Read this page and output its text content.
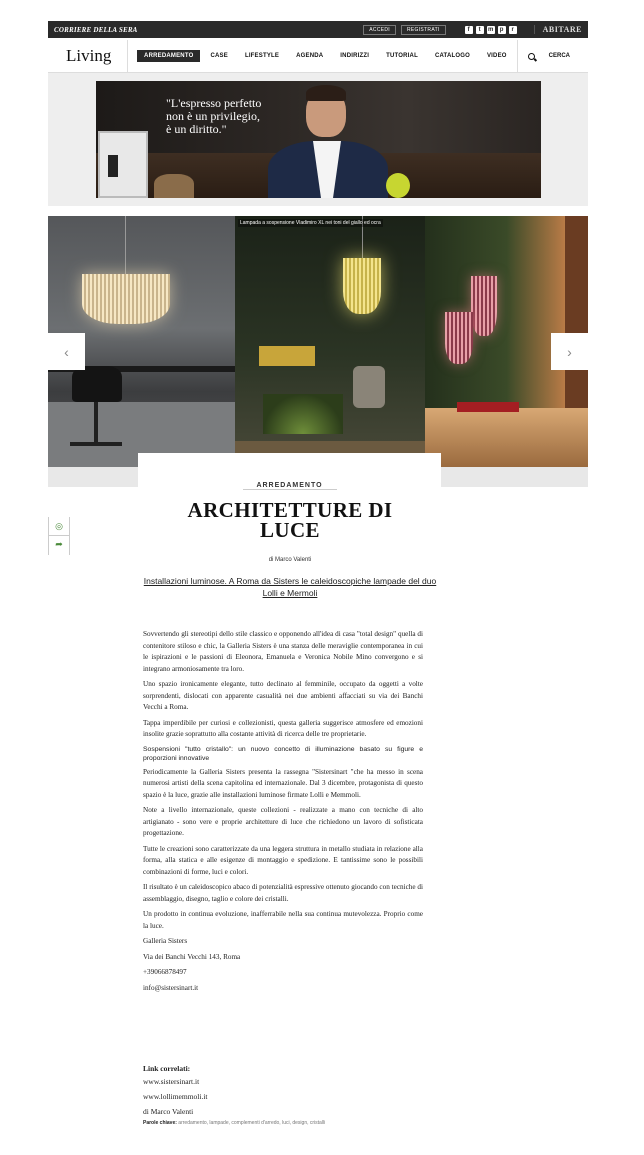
CORRIERE DELLA SERA	ACCEDI	REGISTRATI	f	t	m	p	r	ABITARE
Living	ARREDAMENTO	CASE	LIFESTYLE	AGENDA	INDIRIZZI	TUTORIAL	CATALOGO	VIDEO	CERCA
"L'espresso perfetto
non è un privilegio,
è un diritto."
Lampada a sospensione Vladimiro XL nei toni del giallo ed ocra
‹	›
ARREDAMENTO
◎
➦
ARCHITETTURE DI
LUCE
di Marco Valenti
Installazioni luminose. A Roma da Sisters le caleidoscopiche lampade del duo Lolli e Mermoli

Sovvertendo gli stereotipi dello stile classico e opponendo all'idea di casa "total design" quella di contenitore stiloso e chic, la Galleria Sisters è una stanza delle meraviglie contemporanea in cui le ispirazioni e le passioni di Eleonora, Emanuela e Veronica Nobile Mino convergono e si integrano armoniosamente tra loro.

Uno spazio ironicamente elegante, tutto declinato al femminile, occupato da oggetti a volte sorprendenti, dislocati con apparente casualità nei due ambienti affacciati su via dei Banchi Vecchi a Roma.

Tappa imperdibile per curiosi e collezionisti, questa galleria suggerisce atmosfere ed emozioni insolite grazie soprattutto alla costante attività di ricerca delle tre proprietarie.

Sospensioni "tutto cristallo": un nuovo concetto di illuminazione basato su figure e proporzioni innovative

Periodicamente la Galleria Sisters presenta la rassegna "Sistersinart "che ha messo in scena numerosi artisti della scena capitolina ed internazionale. Dal 3 dicembre, protagonista di questo spazio è la luce, grazie alle installazioni luminose firmate Lolli e Memmoli.

Note a livello internazionale, queste collezioni - realizzate a mano con tecniche di alto artigianato - sono vere e proprie architetture di luce che richiedono un lavoro di sofisticata progettazione.

Tutte le creazioni sono caratterizzate da una leggera struttura in metallo studiata in relazione alla forma, alla statica e alle esigenze di montaggio e spedizione. E tantissime sono le possibili combinazioni di forme, luci e colori.

Il risultato è un caleidoscopico abaco di potenzialità espressive ottenuto giocando con tecniche di assemblaggio, disegno, taglio e colore dei cristalli.

Un prodotto in continua evoluzione, inafferrabile nella sua continua mutevolezza. Proprio come la luce.

Galleria Sisters
Via dei Banchi Vecchi 143, Roma
+39066878497
info@sistersinart.it
Link correlati:
www.sistersinart.it
www.lollimemmoli.it
di Marco Valenti
Parole chiave: arredamento, lampade, complementi d'arredo, luci, design, cristalli
